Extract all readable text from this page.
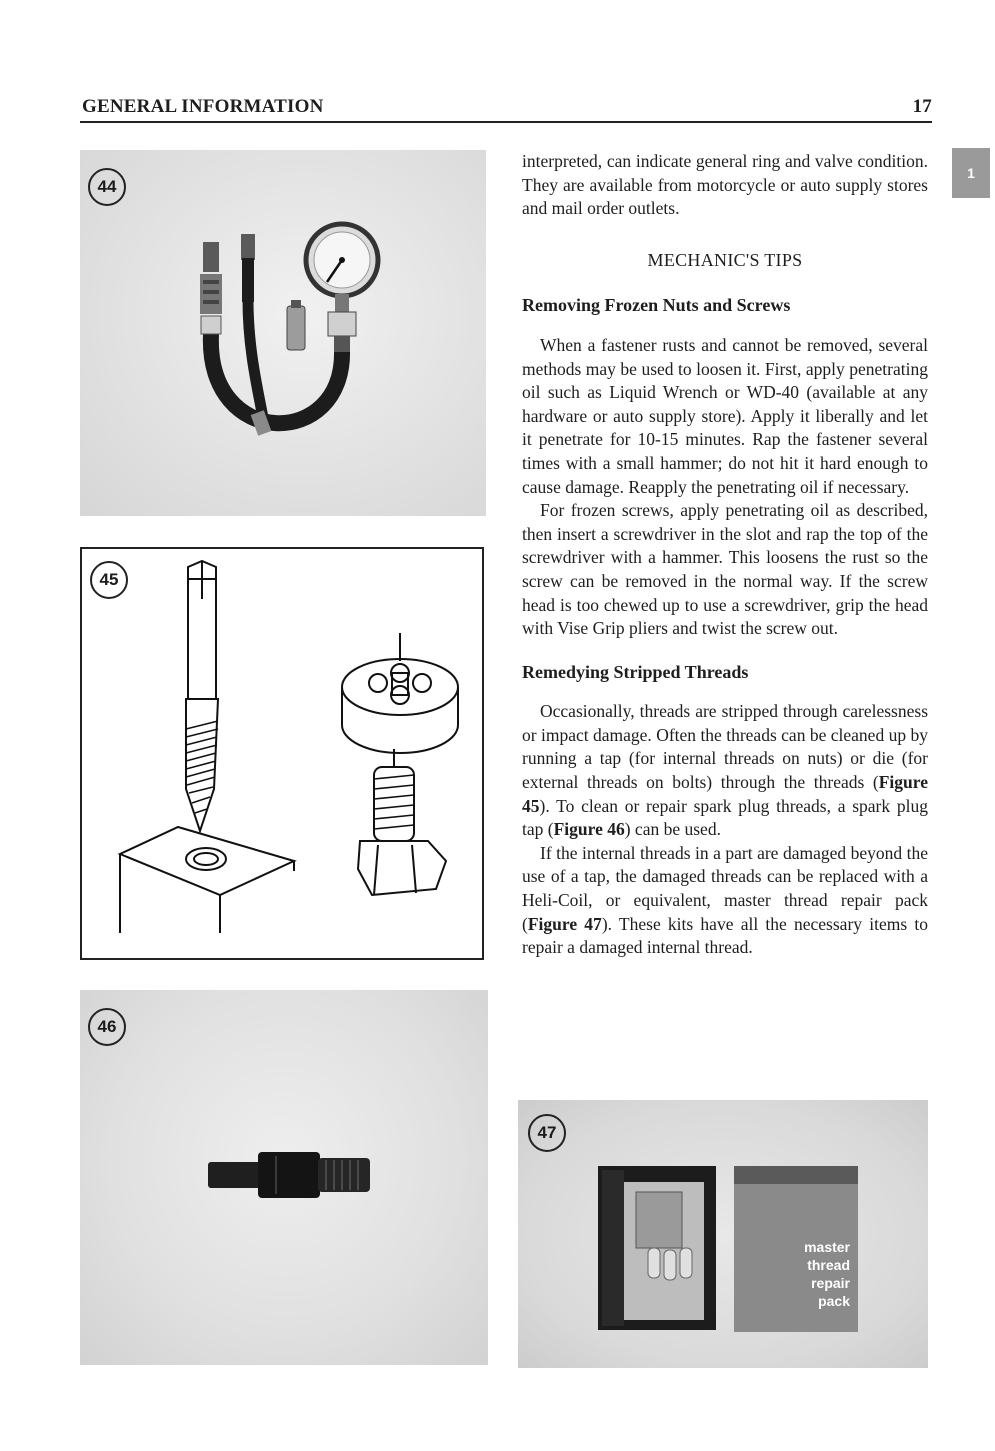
GENERAL INFORMATION	17
1
44
45
46

interpreted, can indicate general ring and valve condition. They are available from motorcycle or auto supply stores and mail order outlets.

MECHANIC'S TIPS
Removing Frozen Nuts and Screws

When a fastener rusts and cannot be removed, several methods may be used to loosen it. First, apply penetrating oil such as Liquid Wrench or WD-40 (available at any hardware or auto supply store). Apply it liberally and let it penetrate for 10-15 minutes. Rap the fastener several times with a small hammer; do not hit it hard enough to cause damage. Reapply the penetrating oil if necessary.

For frozen screws, apply penetrating oil as described, then insert a screwdriver in the slot and rap the top of the screwdriver with a hammer. This loosens the rust so the screw can be removed in the normal way. If the screw head is too chewed up to use a screwdriver, grip the head with Vise Grip pliers and twist the screw out.

Remedying Stripped Threads

Occasionally, threads are stripped through carelessness or impact damage. Often the threads can be cleaned up by running a tap (for internal threads on nuts) or die (for external threads on bolts) through the threads (Figure 45). To clean or repair spark plug threads, a spark plug tap (Figure 46) can be used.

If the internal threads in a part are damaged beyond the use of a tap, the damaged threads can be replaced with a Heli-Coil, or equivalent, master thread repair pack (Figure 47). These kits have all the necessary items to repair a damaged internal thread.

47
master
thread
repair
pack
